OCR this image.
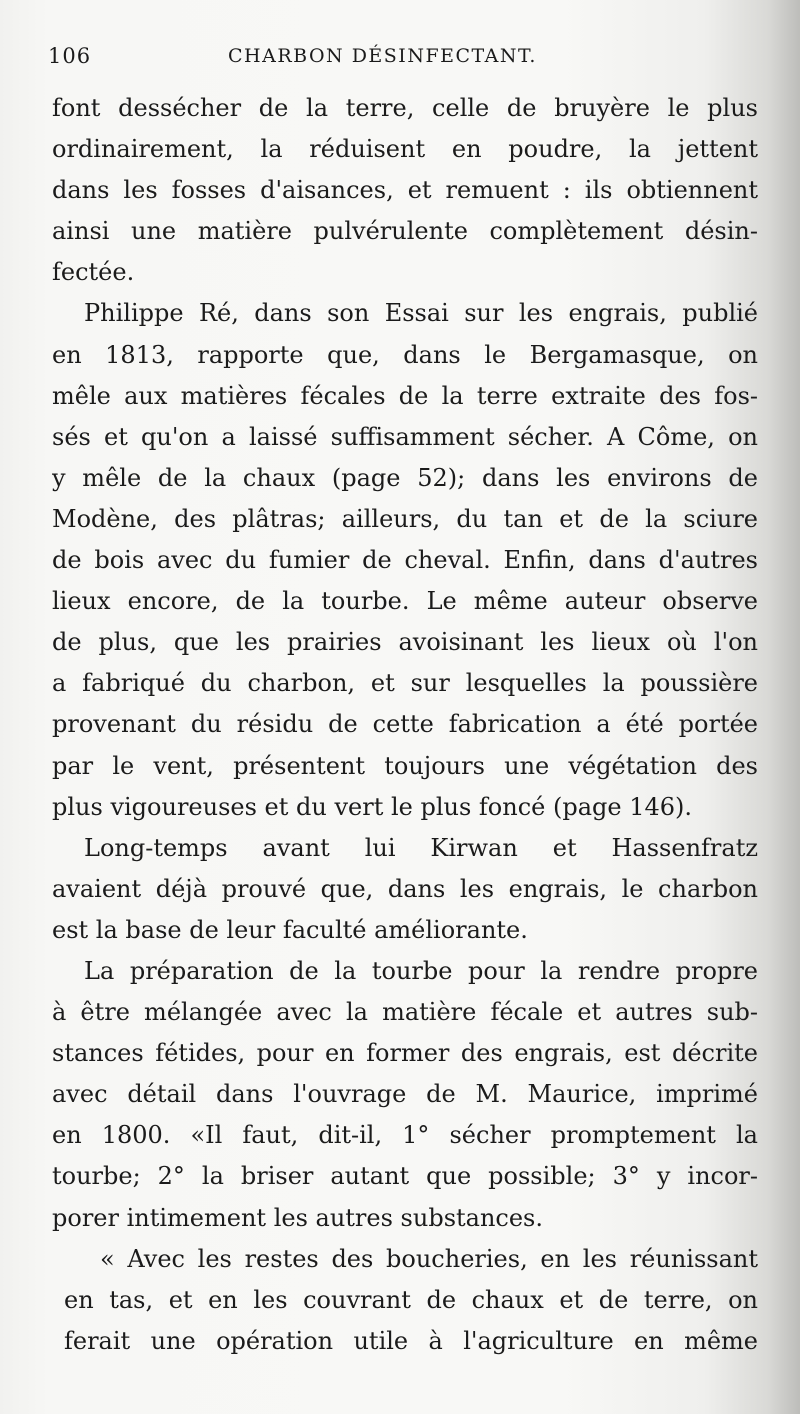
106	CHARBON DÉSINFECTANT.
font dessécher de la terre, celle de bruyère le plus
ordinairement, la réduisent en poudre, la jettent
dans les fosses d'aisances, et remuent : ils obtiennent
ainsi une matière pulvérulente complètement désin-
fectée.
Philippe Ré, dans son Essai sur les engrais, publié
en 1813, rapporte que, dans le Bergamasque, on
mêle aux matières fécales de la terre extraite des fos-
sés et qu'on a laissé suffisamment sécher. A Côme, on
y mêle de la chaux (page 52); dans les environs de
Modène, des plâtras; ailleurs, du tan et de la sciure
de bois avec du fumier de cheval. Enfin, dans d'autres
lieux encore, de la tourbe. Le même auteur observe
de plus, que les prairies avoisinant les lieux où l'on
a fabriqué du charbon, et sur lesquelles la poussière
provenant du résidu de cette fabrication a été portée
par le vent, présentent toujours une végétation des
plus vigoureuses et du vert le plus foncé (page 146).
Long-temps avant lui Kirwan et Hassenfratz
avaient déjà prouvé que, dans les engrais, le charbon
est la base de leur faculté améliorante.
La préparation de la tourbe pour la rendre propre
à être mélangée avec la matière fécale et autres sub-
stances fétides, pour en former des engrais, est décrite
avec détail dans l'ouvrage de M. Maurice, imprimé
en 1800. «Il faut, dit-il, 1° sécher promptement la
tourbe; 2° la briser autant que possible; 3° y incor-
porer intimement les autres substances.
« Avec les restes des boucheries, en les réunissant
en tas, et en les couvrant de chaux et de terre, on
ferait une opération utile à l'agriculture en même
